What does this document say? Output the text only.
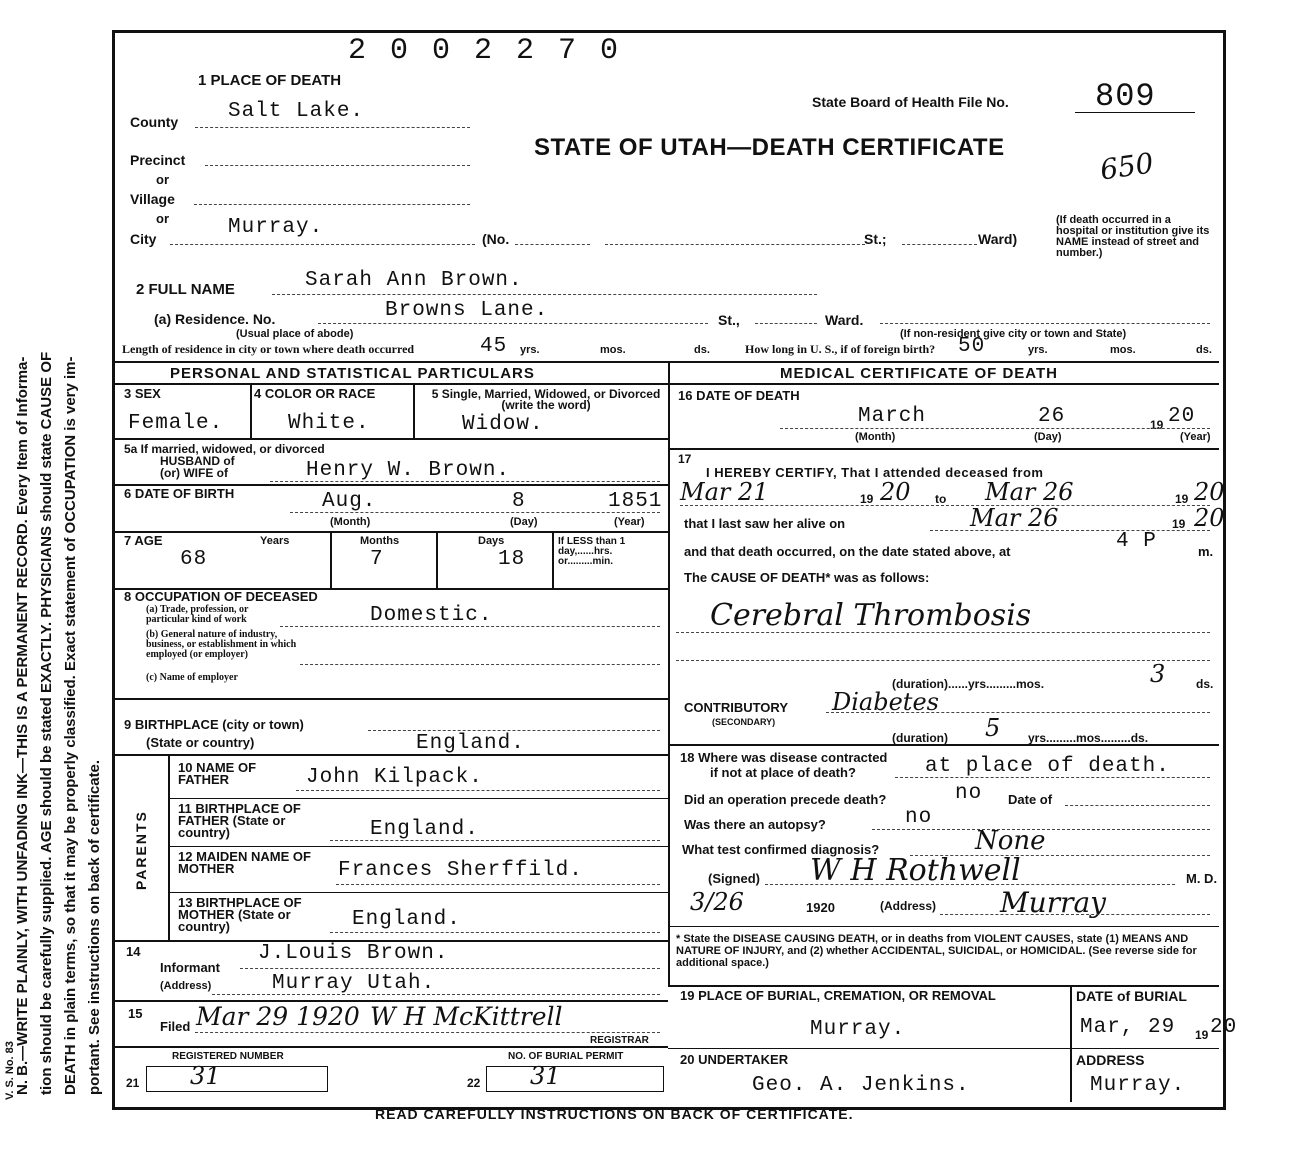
N. B.—WRITE PLAINLY, WITH UNFADING INK—THIS IS A PERMANENT RECORD. Every Item of Informa- tion should be carefully supplied. AGE should be stated EXACTLY. PHYSICIANS should state CAUSE OF DEATH in plain terms, so that it may be properly classified. Exact statement of OCCUPATION is very im- portant. See instructions on back of certificate.
V. S. No. 83
2 0 0 2 2 7 0
1 PLACE OF DEATH
State Board of Health File No.	809
STATE OF UTAH—DEATH CERTIFICATE	650
County Salt Lake.
Precinct
or
Village
or
City	Murray.	(No.	St.;	Ward)
(If death occurred in a hospital or institution give its NAME instead of street and number.)
2 FULL NAME	Sarah Ann Brown.
(a) Residence. No.	Browns Lane.	St.,	Ward.
(Usual place of abode)	(If non-resident give city or town and State)
Length of residence in city or town where death occurred	45 yrs.	mos.	ds.	How long in U. S., if of foreign birth? 50	yrs.	mos.	ds.
PERSONAL AND STATISTICAL PARTICULARS	MEDICAL CERTIFICATE OF DEATH
3 SEX
Female.
4 COLOR OR RACE
White.
5 Single, Married, Widowed, or Divorced (write the word)
Widow.
5a If married, widowed, or divorced
HUSBAND of
(or) WIFE of	Henry W. Brown.
6 DATE OF BIRTH	Aug.	8	1851
(Month)	(Day)	(Year)
7 AGE	Years
68
Months
7
Days
18
If LESS than 1 day,......hrs. or.........min.
8 OCCUPATION OF DECEASED
(a) Trade, profession, or particular kind of work	Domestic.
(b) General nature of industry, business, or establishment in which employed (or employer)
(c) Name of employer
9 BIRTHPLACE (city or town)
(State or country)	England.
PARENTS
10 NAME OF FATHER	John Kilpack.
11 BIRTHPLACE OF FATHER (State or country)	England.
12 MAIDEN NAME OF MOTHER	Frances Sherffild.
13 BIRTHPLACE OF MOTHER (State or country)	England.
14
Informant
J.Louis Brown.
(Address)	Murray Utah.
15
Filed Mar 29 1920 W H McKittrell
REGISTRAR
REGISTERED NUMBER	NO. OF BURIAL PERMIT
21 31	22 31
16 DATE OF DEATH
March	26	19 20
(Month)	(Day)	(Year)
17
I HEREBY CERTIFY, That I attended deceased from
Mar 21	19 20 to Mar 26	19 20
that I last saw her alive on	Mar 26	19 20
and that death occurred, on the date stated above, at	4 P	m.
The CAUSE OF DEATH* was as follows:
Cerebral Thrombosis
(duration)......yrs.........mos.	3	ds.
CONTRIBUTORY
(SECONDARY)
Diabetes
(duration) 5 yrs.........mos.........ds.
18 Where was disease contracted
if not at place of death?	at place of death.
Did an operation precede death?	no Date of
Was there an autopsy?	no
What test confirmed diagnosis?	None
(Signed) W H Rothwell	M. D.
3/26	1920	(Address) Murray
* State the DISEASE CAUSING DEATH, or in deaths from VIOLENT CAUSES, state (1) MEANS AND NATURE OF INJURY, and (2) whether ACCIDENTAL, SUICIDAL, or HOMICIDAL. (See reverse side for additional space.)
19 PLACE OF BURIAL, CREMATION, OR REMOVAL
Murray.
DATE of BURIAL
Mar, 29 19 20
20 UNDERTAKER
Geo. A. Jenkins.
ADDRESS
Murray.
READ CAREFULLY INSTRUCTIONS ON BACK OF CERTIFICATE.
